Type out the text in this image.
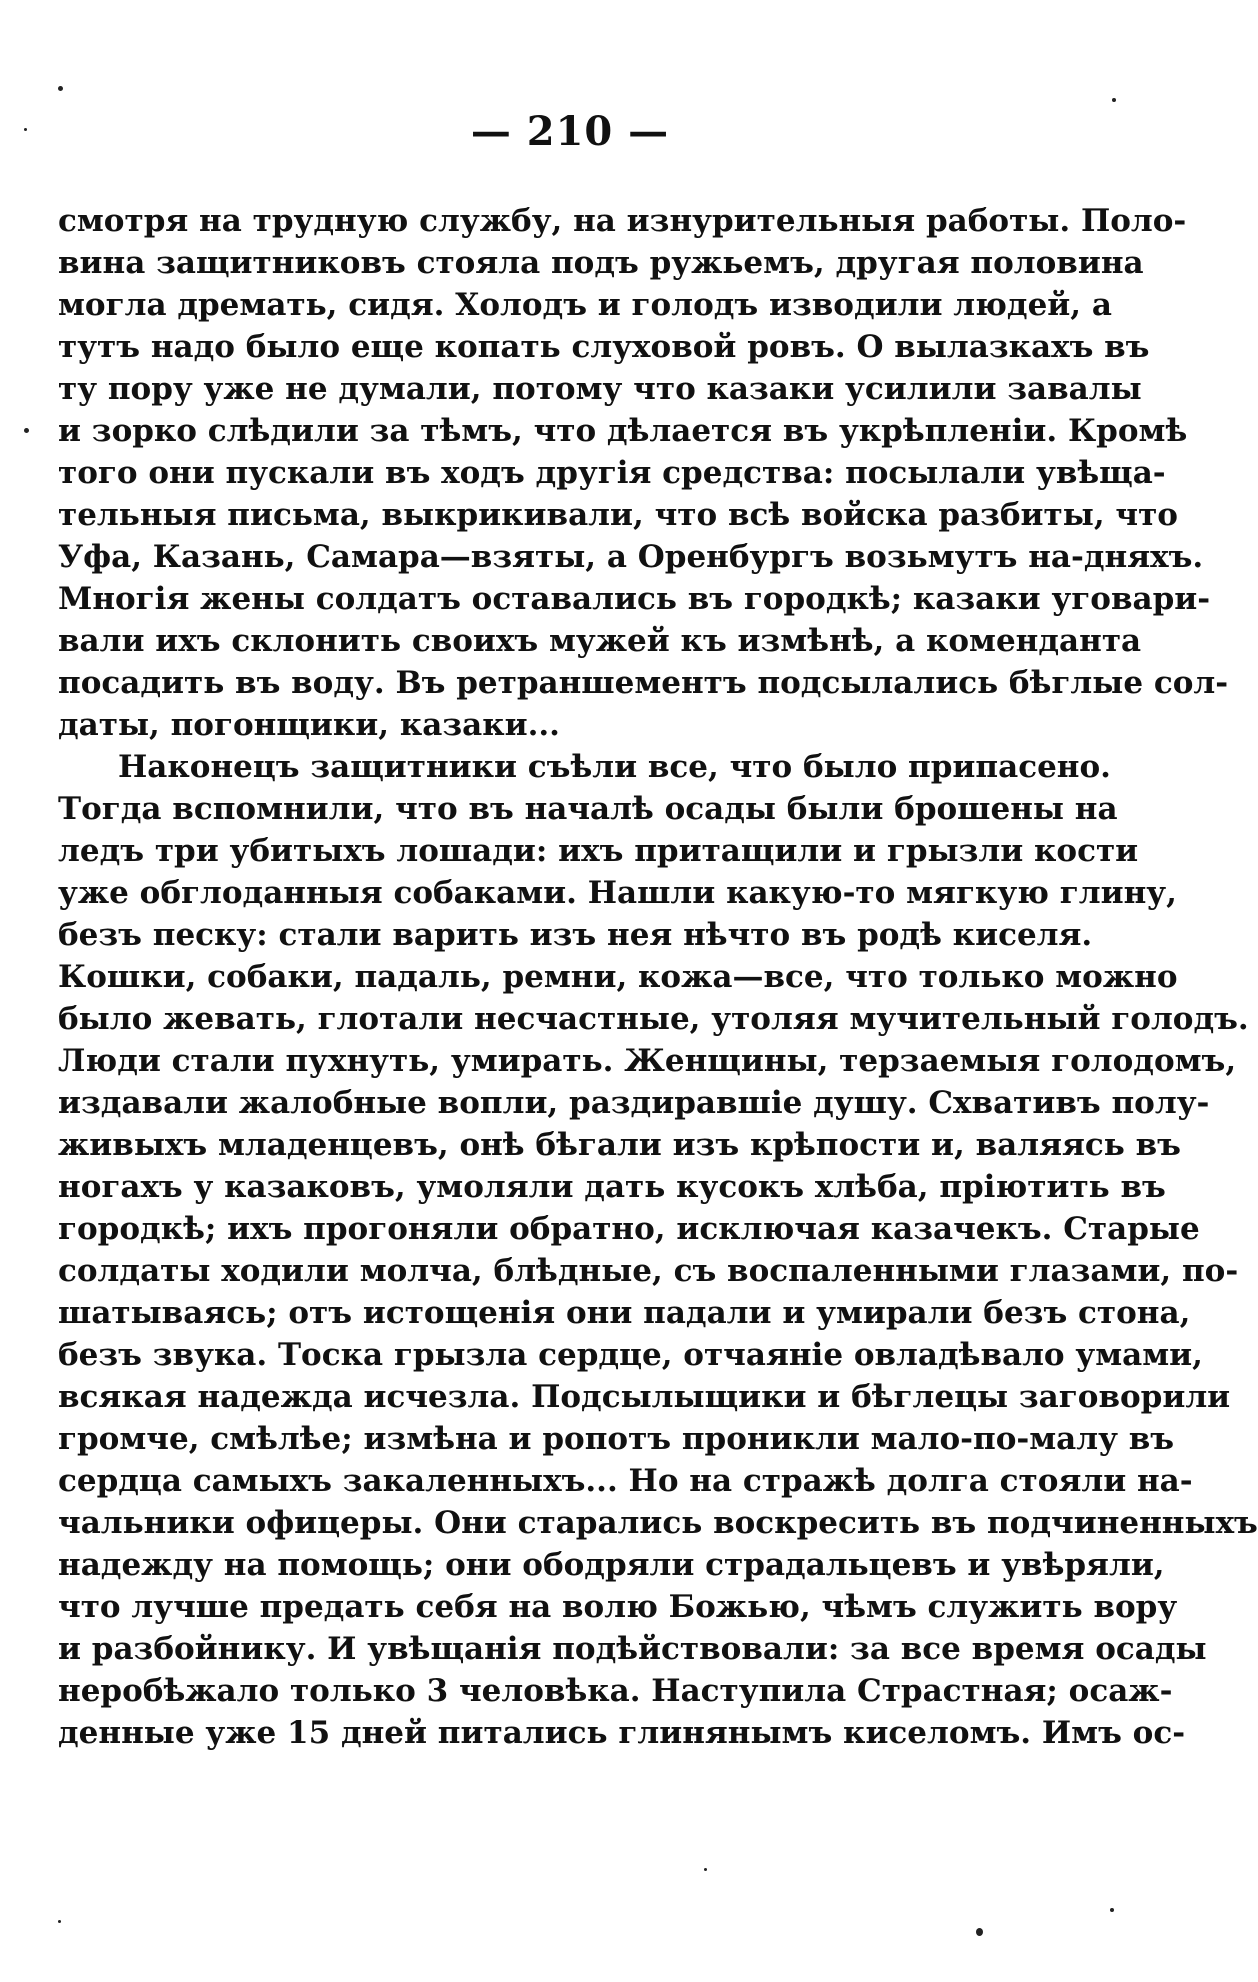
— 210 —
смотря на трудную службу, на изнурительныя работы. Поло-
вина защитниковъ стояла подъ ружьемъ, другая половина
могла дремать, сидя. Холодъ и голодъ изводили людей, а
тутъ надо было еще копать слуховой ровъ. О вылазкахъ въ
ту пору уже не думали, потому что казаки усилили завалы
и зорко слѣдили за тѣмъ, что дѣлается въ укрѣпленіи. Кромѣ
того они пускали въ ходъ другія средства: посылали увѣща-
тельныя письма, выкрикивали, что всѣ войска разбиты, что
Уфа, Казань, Самара—взяты, а Оренбургъ возьмутъ на-дняхъ.
Многія жены солдатъ оставались въ городкѣ; казаки уговари-
вали ихъ склонить своихъ мужей къ измѣнѣ, а коменданта
посадить въ воду. Въ ретраншементъ подсылались бѣглые сол-
даты, погонщики, казаки...
Наконецъ защитники съѣли все, что было припасено.
Тогда вспомнили, что въ началѣ осады были брошены на
ледъ три убитыхъ лошади: ихъ притащили и грызли кости
уже обглоданныя собаками. Нашли какую-то мягкую глину,
безъ песку: стали варить изъ нея нѣчто въ родѣ киселя.
Кошки, собаки, падаль, ремни, кожа—все, что только можно
было жевать, глотали несчастные, утоляя мучительный голодъ.
Люди стали пухнуть, умирать. Женщины, терзаемыя голодомъ,
издавали жалобные вопли, раздиравшіе душу. Схвативъ полу-
живыхъ младенцевъ, онѣ бѣгали изъ крѣпости и, валяясь въ
ногахъ у казаковъ, умоляли дать кусокъ хлѣба, пріютить въ
городкѣ; ихъ прогоняли обратно, исключая казачекъ. Старые
солдаты ходили молча, блѣдные, съ воспаленными глазами, по-
шатываясь; отъ истощенія они падали и умирали безъ стона,
безъ звука. Тоска грызла сердце, отчаяніе овладѣвало умами,
всякая надежда исчезла. Подсылыщики и бѣглецы заговорили
громче, смѣлѣе; измѣна и ропотъ проникли мало-по-малу въ
сердца самыхъ закаленныхъ... Но на стражѣ долга стояли на-
чальники офицеры. Они старались воскресить въ подчиненныхъ
надежду на помощь; они ободряли страдальцевъ и увѣряли,
что лучше предать себя на волю Божью, чѣмъ служить вору
и разбойнику. И увѣщанія подѣйствовали: за все время осады
неробѣжало только 3 человѣка. Наступила Страстная; осаж-
денные уже 15 дней питались глинянымъ киселомъ. Имъ ос-
